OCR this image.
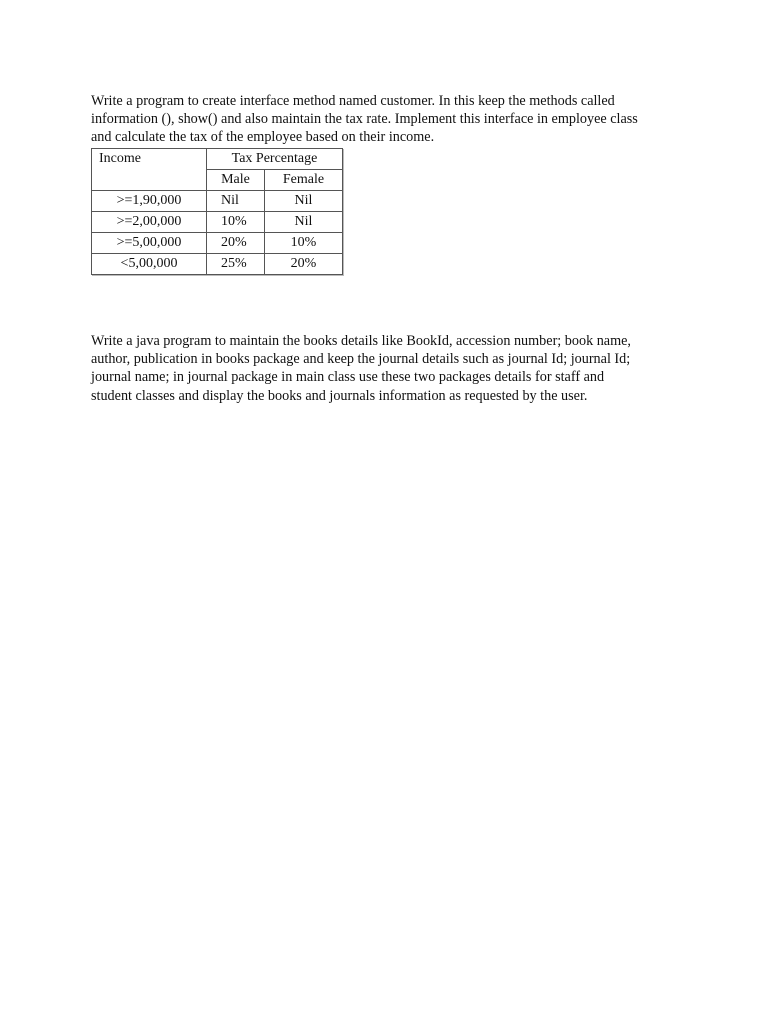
Write a program to create interface method named customer. In this keep the methods called
information (), show() and also maintain the tax rate. Implement this interface in employee class
and calculate the tax of the employee based on their income.

Income	Tax Percentage	
	Male	Female
>=1,90,000	Nil	Nil
>=2,00,000	10%	Nil
>=5,00,000	20%	10%
<5,00,000	25%	20%

Write a java program to maintain the books details like BookId, accession number; book name,
author, publication in books package and keep the journal details such as journal Id; journal Id;
journal name; in journal package in main class use these two packages details for staff and
student classes and display the books and journals information as requested by the user.
